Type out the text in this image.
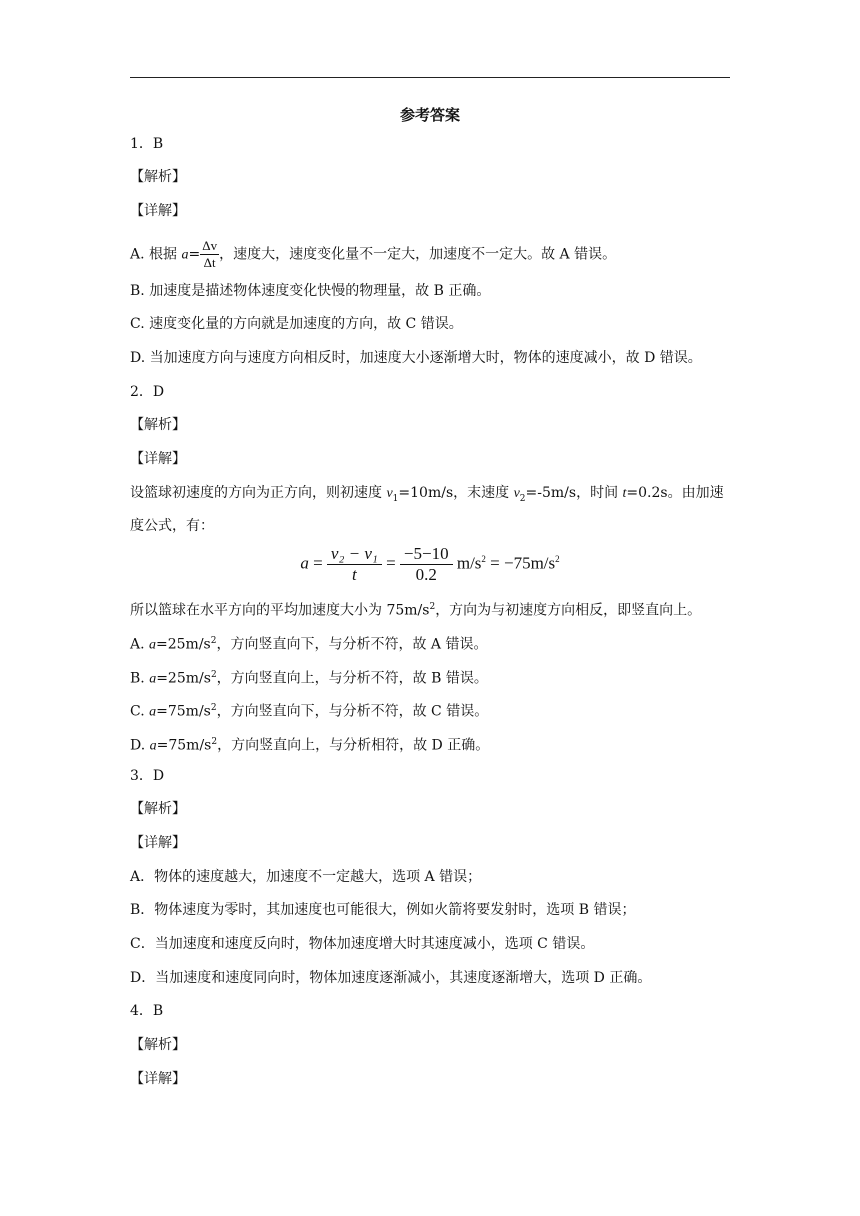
参考答案
1．B
【解析】
【详解】
A. 根据 $a= \frac{\Delta v}{\Delta t}$ ，速度大，速度变化量不一定大，加速度不一定大。故 A 错误。
B. 加速度是描述物体速度变化快慢的物理量，故 B 正确。
C. 速度变化量的方向就是加速度的方向，故 C 错误。
D. 当加速度方向与速度方向相反时，加速度大小逐渐增大时，物体的速度减小，故 D 错误。
2．D
【解析】
【详解】
设篮球初速度的方向为正方向，则初速度 $v_1=10m/s$，末速度 $v_2=-5m/s$，时间 t=0.2s。由加速
度公式，有：
$a = \frac{\text{v₂ − v₁}}{t} = \frac{-5-10}{0.2} m/s^2 = -75m/s^2$
所以篮球在水平方向的平均加速度大小为 $75m/s^2$，方向为与初速度方向相反，即竖直向上。
A. $a=25m/s^2$，方向竖直向下，与分析不符，故 A 错误。
B. $a=25m/s^2$，方向竖直向上，与分析不符，故 B 错误。
C. $a=75m/s^2$，方向竖直向下，与分析不符，故 C 错误。
D. $a=75m/s^2$，方向竖直向上，与分析相符，故 D 正确。
3．D
【解析】
【详解】
A．物体的速度越大，加速度不一定越大，选项 A 错误；
B．物体速度为零时，其加速度也可能很大，例如火箭将要发射时，选项 B 错误；
C．当加速度和速度反向时，物体加速度增大时其速度减小，选项 C 错误。
D．当加速度和速度同向时，物体加速度逐渐减小，其速度逐渐增大，选项 D 正确。
4．B
【解析】
【详解】
